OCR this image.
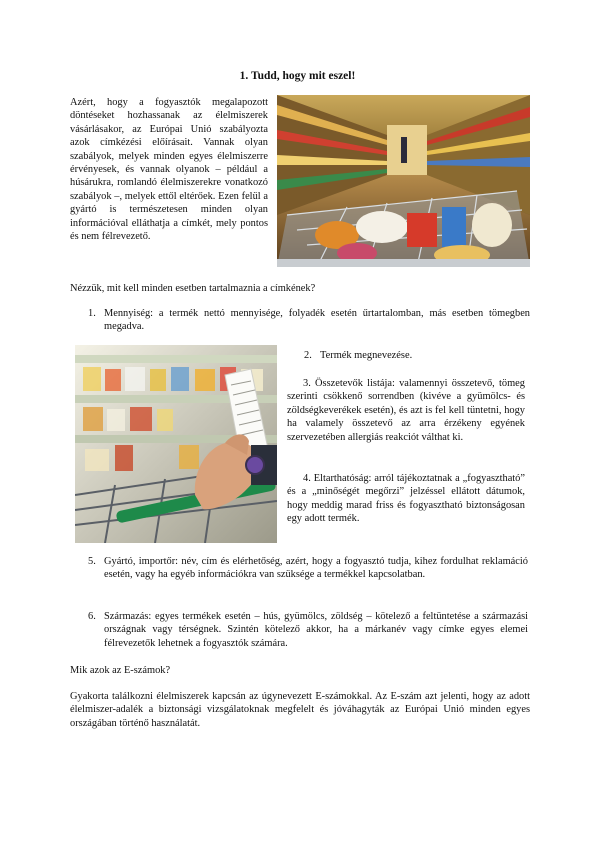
1. Tudd, hogy mit eszel!

Azért, hogy a fogyasztók megalapozott döntéseket hozhassanak az élelmiszerek vásárlásakor, az Európai Unió szabályozta azok címkézési előírásait. Vannak olyan szabályok, melyek minden egyes élelmiszerre érvényesek, és vannak olyanok – például a húsárukra, romlandó élelmiszerekre vonatkozó szabályok –, melyek ettől eltérőek. Ezen felül a gyártó is természetesen minden olyan információval elláthatja a címkét, mely pontos és nem félrevezető.

Nézzük, mit kell minden esetben tartalmaznia a címkének?

1. Mennyiség: a termék nettó mennyisége, folyadék esetén űrtartalomban, más esetben tömegben megadva.
2. Termék megnevezése.

3. Összetevők listája: valamennyi összetevő, tömeg szerinti csökkenő sorrendben (kivéve a gyümölcs- és zöldségkeverékek esetén), és azt is fel kell tüntetni, hogy ha valamely összetevő az arra érzékeny egyének szervezetében allergiás reakciót válthat ki.

4. Eltarthatóság: arról tájékoztatnak a „fogyasztható” és a „minőségét megőrzi” jelzéssel ellátott dátumok, hogy meddig marad friss és fogyasztható biztonságosan egy adott termék.

5. Gyártó, importőr: név, cím és elérhetőség, azért, hogy a fogyasztó tudja, kihez fordulhat reklamáció esetén, vagy ha egyéb információkra van szüksége a termékkel kapcsolatban.
6. Származás: egyes termékek esetén – hús, gyümölcs, zöldség – kötelező a feltüntetése a származási országnak vagy térségnek. Szintén kötelező akkor, ha a márkanév vagy címke egyes elemei félrevezetők lehetnek a fogyasztók számára.

Mik azok az E-számok?

Gyakorta találkozni élelmiszerek kapcsán az úgynevezett E-számokkal. Az E-szám azt jelenti, hogy az adott élelmiszer-adalék a biztonsági vizsgálatoknak megfelelt és jóváhagyták az Európai Unió minden egyes országában történő használatát.
